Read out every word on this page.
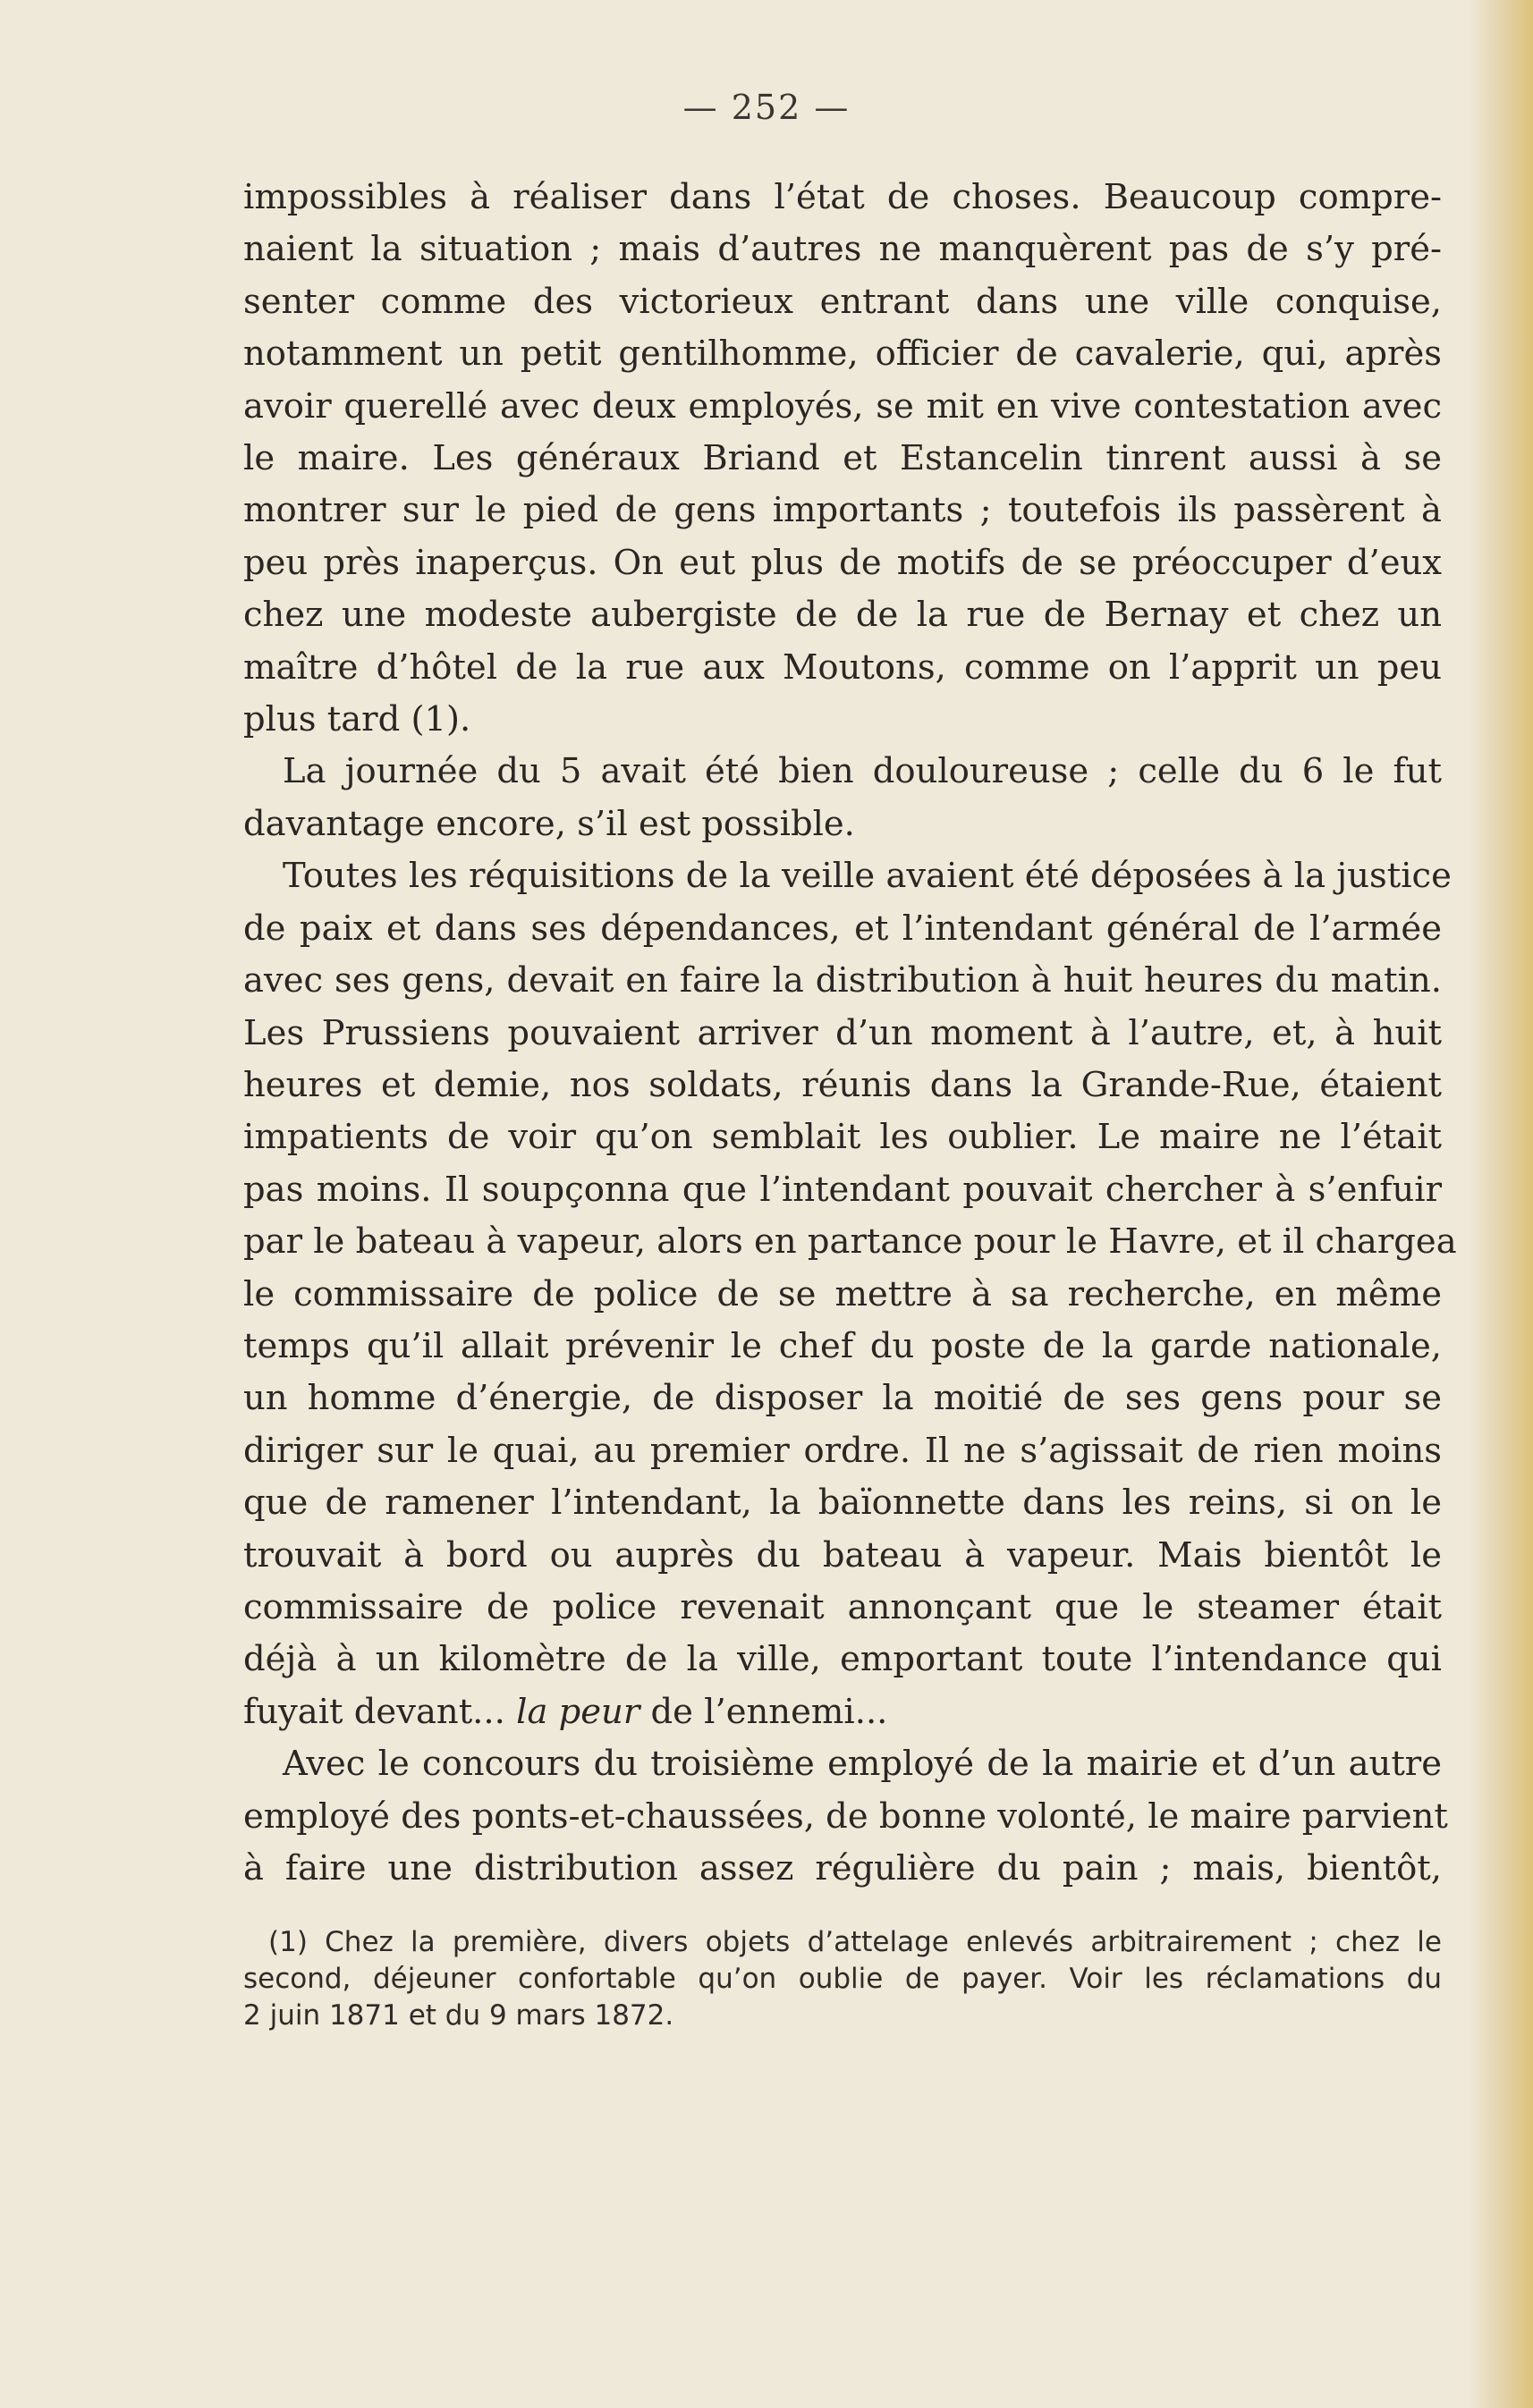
— 252 —
impossibles à réaliser dans l’état de choses. Beaucoup compre-
naient la situation ; mais d’autres ne manquèrent pas de s’y pré-
senter comme des victorieux entrant dans une ville conquise,
notamment un petit gentilhomme, officier de cavalerie, qui, après
avoir querellé avec deux employés, se mit en vive contestation avec
le maire. Les généraux Briand et Estancelin tinrent aussi à se
montrer sur le pied de gens importants ; toutefois ils passèrent à
peu près inaperçus. On eut plus de motifs de se préoccuper d’eux
chez une modeste aubergiste de de la rue de Bernay et chez un
maître d’hôtel de la rue aux Moutons, comme on l’apprit un peu
plus tard (1).
La journée du 5 avait été bien douloureuse ; celle du 6 le fut
davantage encore, s’il est possible.
Toutes les réquisitions de la veille avaient été déposées à la justice
de paix et dans ses dépendances, et l’intendant général de l’armée
avec ses gens, devait en faire la distribution à huit heures du matin.
Les Prussiens pouvaient arriver d’un moment à l’autre, et, à huit
heures et demie, nos soldats, réunis dans la Grande-Rue, étaient
impatients de voir qu’on semblait les oublier. Le maire ne l’était
pas moins. Il soupçonna que l’intendant pouvait chercher à s’enfuir
par le bateau à vapeur, alors en partance pour le Havre, et il chargea
le commissaire de police de se mettre à sa recherche, en même
temps qu’il allait prévenir le chef du poste de la garde nationale,
un homme d’énergie, de disposer la moitié de ses gens pour se
diriger sur le quai, au premier ordre. Il ne s’agissait de rien moins
que de ramener l’intendant, la baïonnette dans les reins, si on le
trouvait à bord ou auprès du bateau à vapeur. Mais bientôt le
commissaire de police revenait annonçant que le steamer était
déjà à un kilomètre de la ville, emportant toute l’intendance qui
fuyait devant... la peur de l’ennemi...
Avec le concours du troisième employé de la mairie et d’un autre
employé des ponts-et-chaussées, de bonne volonté, le maire parvient
à faire une distribution assez régulière du pain ; mais, bientôt,
(1) Chez la première, divers objets d’attelage enlevés arbitrairement ; chez le
second, déjeuner confortable qu’on oublie de payer. Voir les réclamations du
2 juin 1871 et du 9 mars 1872.
